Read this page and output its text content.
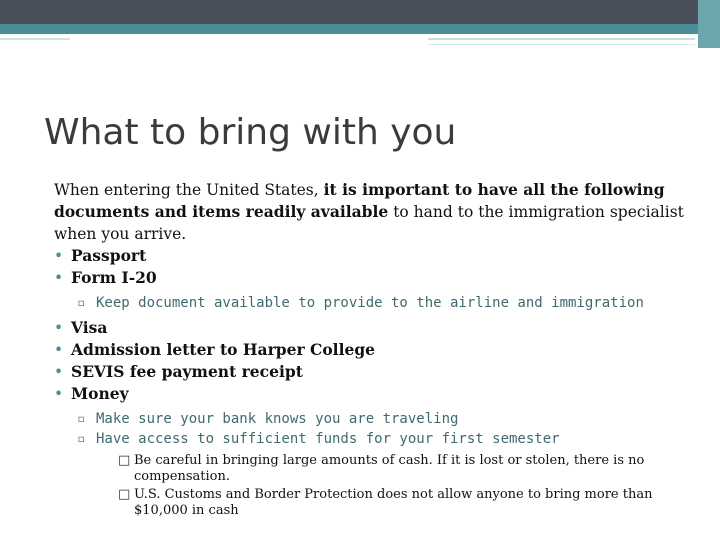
What to bring with you

When entering the United States, it is important to have all the following documents and items readily available to hand to the immigration specialist when you arrive.

• Passport
• Form I-20
▫ Keep document available to provide to the airline and immigration
• Visa
• Admission letter to Harper College
• SEVIS fee payment receipt
• Money
▫ Make sure your bank knows you are traveling
▫ Have access to sufficient funds for your first semester
□ Be careful in bringing large amounts of cash. If it is lost or stolen, there is no compensation.
□ U.S. Customs and Border Protection does not allow anyone to bring more than $10,000 in cash
